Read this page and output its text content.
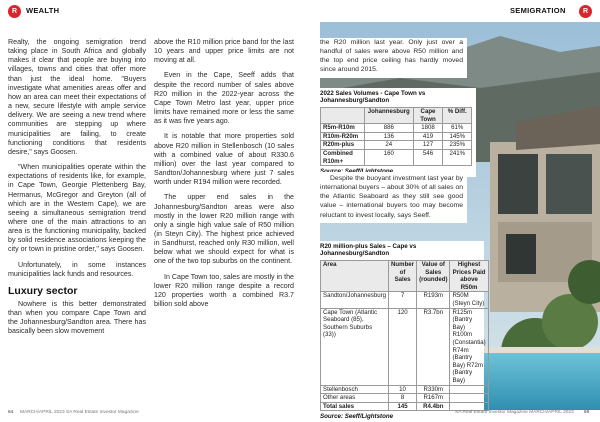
R	WEALTH	SEMIGRATION	R

Realty, the ongoing semigration trend taking place in South Africa and globally makes it clear that people are buying into villages, towns and cities that offer more than just the ideal home. "Buyers investigate what amenities areas offer and how an area can meet their expectations of a new, secure lifestyle with ample service delivery. We are seeing a new trend where communities are stepping up where municipalities are failing, to create functioning conditions that residents desire," says Goosen.

"When municipalities operate within the expectations of residents like, for example, in Cape Town, Georgie Plettenberg Bay, Hermanus, McGregor and Greyton (all of which are in the Western Cape), we are seeing a simultaneous semigration trend where one of the main attractions to an area is the functioning municipality, backed by solid residence associations keeping the city or town in pristine order," says Goosen.

Unfortunately, in some instances municipalities lack funds and resources.

Luxury sector

Nowhere is this better demonstrated than when you compare Cape Town and the Johannesburg/Sandton area. There has basically been slow movement

above the R10 million price band for the last 10 years and upper price limits are not moving at all.

Even in the Cape, Seeff adds that despite the record number of sales above R20 million in the 2022-year across the Cape Town Metro last year, upper price limits have remained more or less the same as it was five years ago.

It is notable that more properties sold above R20 million in Stellenbosch (10 sales with a combined value of about R330.6 million) over the last year compared to Sandton/Johannesburg where just 7 sales worth under R194 million were recorded.

The upper end sales in the Johannesburg/Sandton areas were also mostly in the lower R20 million range with only a single high value sale of R50 million (in Steyn City). The highest price achieved in Sandhurst, reached only R30 million, well below what we should expect for what is one of the two top suburbs on the continent.

In Cape Town too, sales are mostly in the lower R20 million range despite a record 120 properties worth a combined R3.7 billion sold above

the R20 million last year. Only just over a handful of sales were above R50 million and the top end price ceiling has hardly moved since around 2015.

2022 Sales Volumes - Cape Town vs Johannesburg/Sandton
	Johannesburg	Cape Town	% Diff.
R5m-R10m	886	1808	61%
R10m-R20m	136	419	145%
R20m-plus	24	127	235%
Combined R10m+	160	546	241%

Despite the buoyant investment last year by international buyers – about 30% of all sales on the Atlantic Seaboard as they still see good value – international buyers too may become reluctant to invest locally, says Seeff.

R20 million-plus Sales – Cape vs Johannesburg/Sandton
Area	Number of Sales	Value of Sales (rounded)	Highest Prices Paid above R50m
Sandton/Johannesburg	7	R193m	R50M (Steyn City)
Cape Town (Atlantic Seaboard (85), Southern Suburbs (33))	120	R3.7bn	R125m (Bantry Bay) R100m (Constantia) R74m (Bantry Bay) R72m (Bantry Bay)
Stellenbosch	10	R330m	
Other areas	8	R167m	
Total sales	145	R4.4bn	
Source: Seeff/Lightstone
64 MARCH/APRIL 2023 SA Real Estate Investor Magazine	SA Real Estate Investor Magazine MARCH/APRIL 2023 65
